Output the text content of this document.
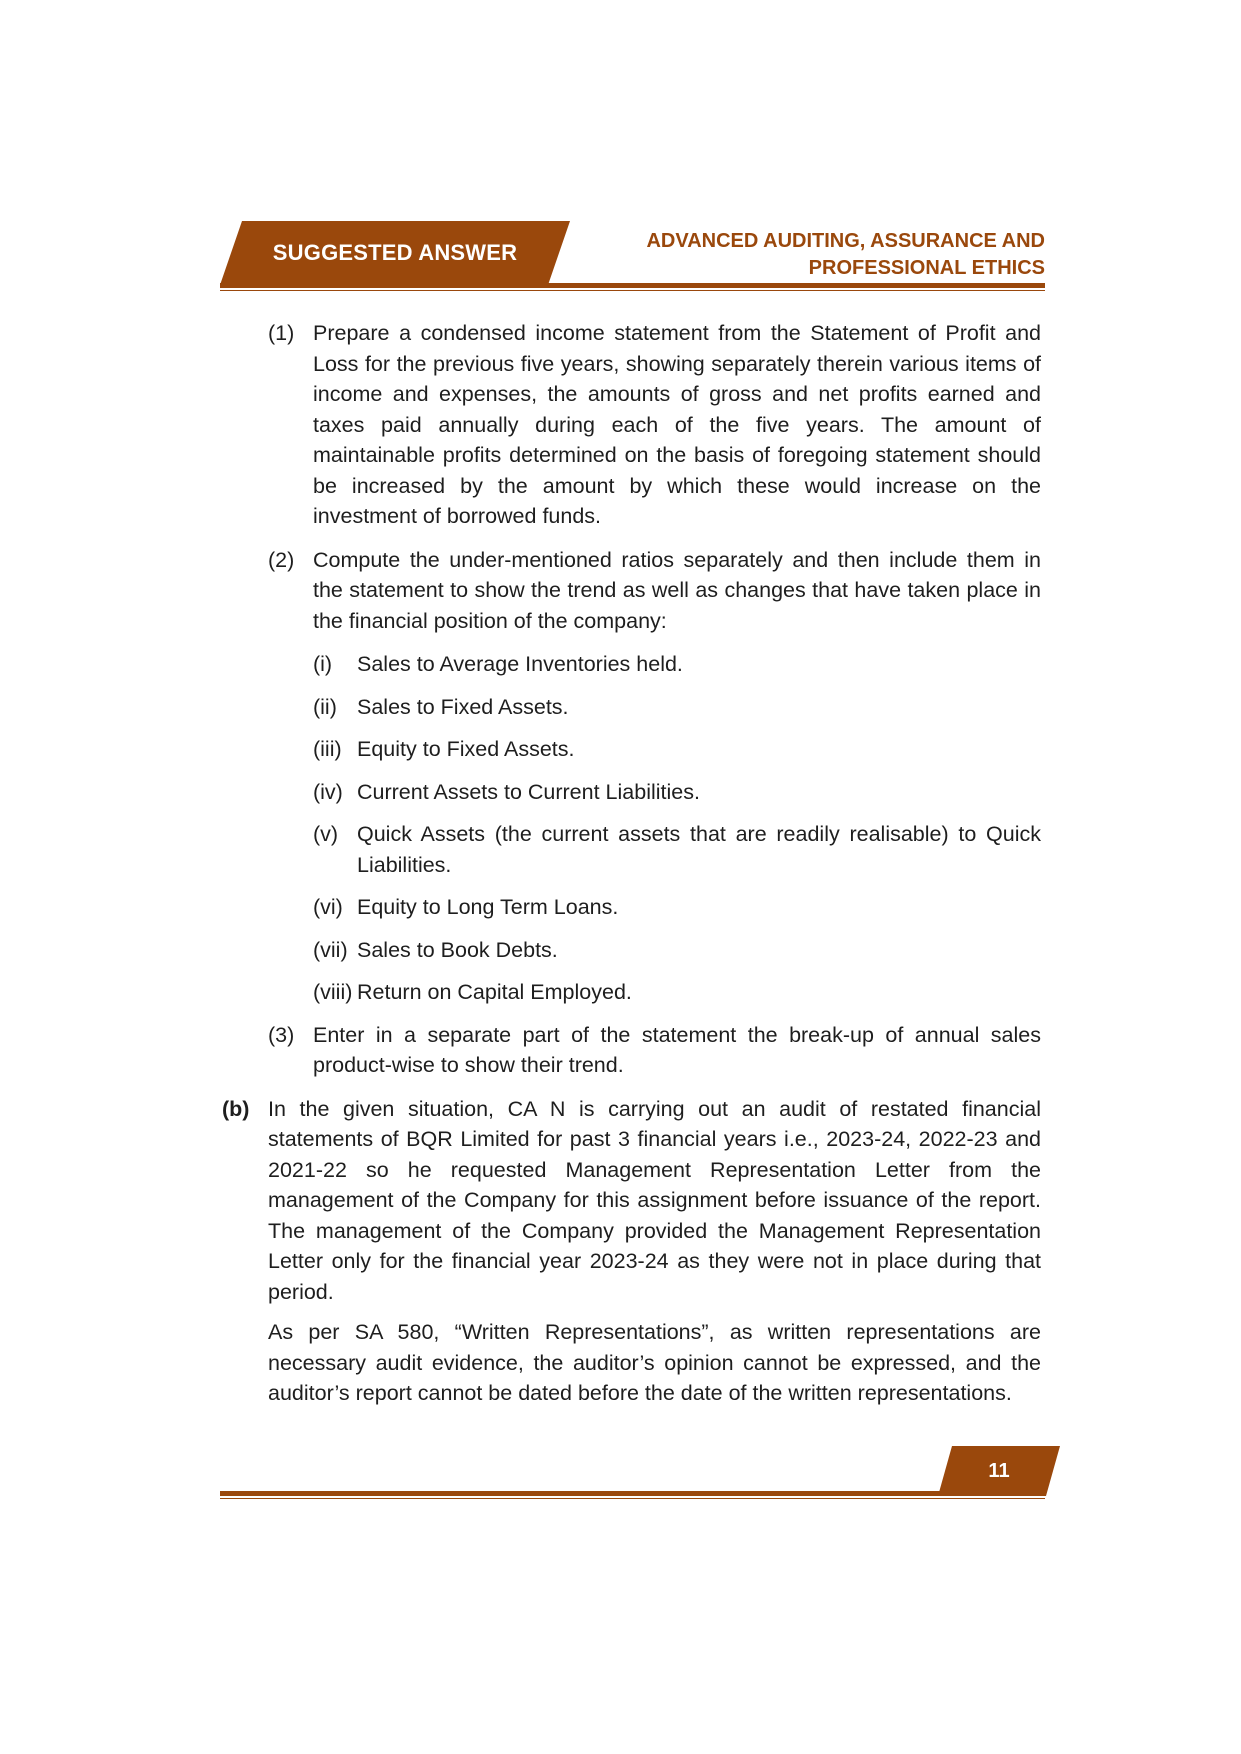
SUGGESTED ANSWER	ADVANCED AUDITING, ASSURANCE AND
PROFESSIONAL ETHICS
(1) Prepare a condensed income statement from the Statement of Profit and Loss for the previous five years, showing separately therein various items of income and expenses, the amounts of gross and net profits earned and taxes paid annually during each of the five years. The amount of maintainable profits determined on the basis of foregoing statement should be increased by the amount by which these would increase on the investment of borrowed funds.
(2) Compute the under-mentioned ratios separately and then include them in the statement to show the trend as well as changes that have taken place in the financial position of the company:
(i) Sales to Average Inventories held.
(ii) Sales to Fixed Assets.
(iii) Equity to Fixed Assets.
(iv) Current Assets to Current Liabilities.
(v) Quick Assets (the current assets that are readily realisable) to Quick Liabilities.
(vi) Equity to Long Term Loans.
(vii) Sales to Book Debts.
(viii) Return on Capital Employed.
(3) Enter in a separate part of the statement the break-up of annual sales product-wise to show their trend.
(b) In the given situation, CA N is carrying out an audit of restated financial statements of BQR Limited for past 3 financial years i.e., 2023-24, 2022-23 and 2021-22 so he requested Management Representation Letter from the management of the Company for this assignment before issuance of the report. The management of the Company provided the Management Representation Letter only for the financial year 2023-24 as they were not in place during that period.
As per SA 580, “Written Representations”, as written representations are necessary audit evidence, the auditor’s opinion cannot be expressed, and the auditor’s report cannot be dated before the date of the written representations.
11
